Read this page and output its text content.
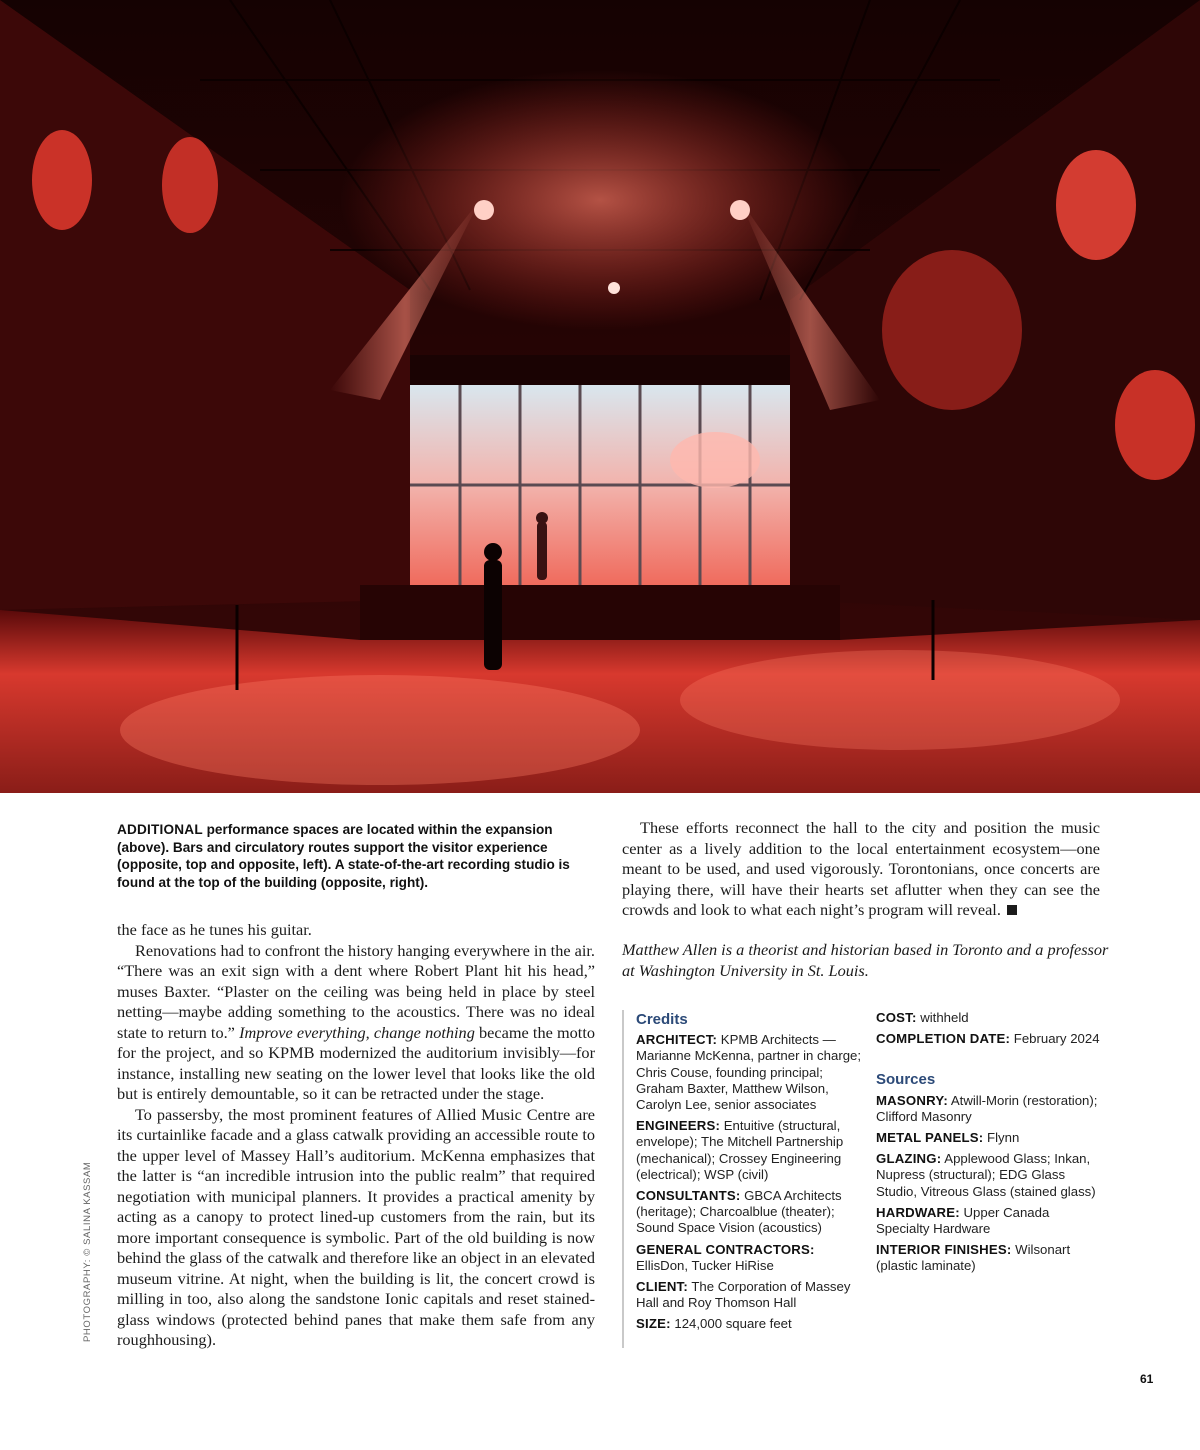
ADDITIONAL performance spaces are located within the expansion (above). Bars and circulatory routes support the visitor experience (opposite, top and opposite, left). A state-of-the-art recording studio is found at the top of the building (opposite, right).

the face as he tunes his guitar.

Renovations had to confront the history hanging everywhere in the air. “There was an exit sign with a dent where Robert Plant hit his head,” muses Baxter. “Plaster on the ceiling was being held in place by steel netting—maybe adding something to the acoustics. There was no ideal state to return to.” Improve everything, change nothing became the motto for the project, and so KPMB modernized the auditorium invisibly—for instance, installing new seating on the lower level that looks like the old but is entirely demountable, so it can be retracted under the stage.

To passersby, the most prominent features of Allied Music Centre are its curtainlike facade and a glass catwalk providing an accessible route to the upper level of Massey Hall’s auditorium. McKenna emphasizes that the latter is “an incredible intrusion into the public realm” that required negotiation with municipal planners. It provides a practical amenity by acting as a canopy to protect lined-up customers from the rain, but its more important consequence is symbolic. Part of the old building is now behind the glass of the catwalk and therefore like an object in an elevated museum vitrine. At night, when the building is lit, the concert crowd is milling in too, also along the sandstone Ionic capitals and reset stained-glass windows (protected behind panes that make them safe from any roughhousing).

These efforts reconnect the hall to the city and position the music center as a lively addition to the local entertainment ecosystem—one meant to be used, and used vigorously. Torontonians, once concerts are playing there, will have their hearts set aflutter when they can see the crowds and look to what each night’s program will reveal.

Matthew Allen is a theorist and historian based in Toronto and a professor at Washington University in St. Louis.
PHOTOGRAPHY: © SALINA KASSAM
Credits
ARCHITECT: KPMB Architects — Marianne McKenna, partner in charge; Chris Couse, founding principal; Graham Baxter, Matthew Wilson, Carolyn Lee, senior associates
ENGINEERS: Entuitive (structural, envelope); The Mitchell Partnership (mechanical); Crossey Engineering (electrical); WSP (civil)
CONSULTANTS: GBCA Architects (heritage); Charcoalblue (theater); Sound Space Vision (acoustics)
GENERAL CONTRACTORS: EllisDon, Tucker HiRise
CLIENT: The Corporation of Massey Hall and Roy Thomson Hall
SIZE: 124,000 square feet
COST: withheld
COMPLETION DATE: February 2024
Sources
MASONRY: Atwill-Morin (restoration); Clifford Masonry
METAL PANELS: Flynn
GLAZING: Applewood Glass; Inkan, Nupress (structural); EDG Glass Studio, Vitreous Glass (stained glass)
HARDWARE: Upper Canada Specialty Hardware
INTERIOR FINISHES: Wilsonart (plastic laminate)
61
